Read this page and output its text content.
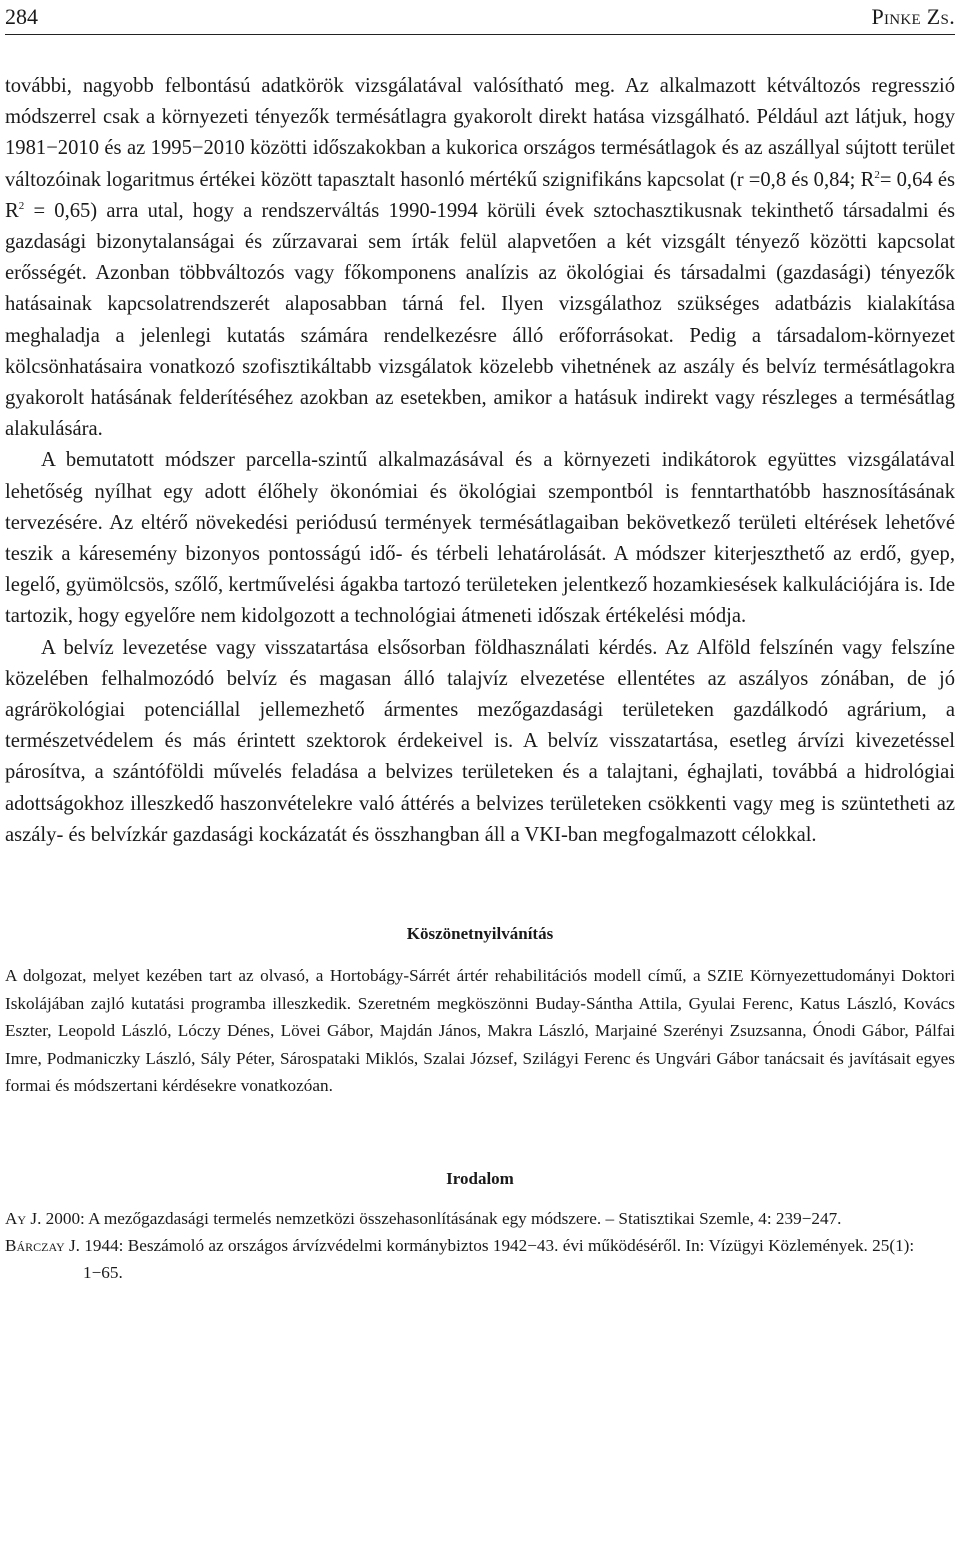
284	Pinke Zs.

további, nagyobb felbontású adatkörök vizsgálatával valósítható meg. Az alkalmazott kétváltozós regresszió módszerrel csak a környezeti tényezők termésátlagra gyakorolt direkt hatása vizsgálható. Például azt látjuk, hogy 1981−2010 és az 1995−2010 közötti időszakokban a kukorica országos termésátlagok és az aszállyal sújtott terület változóinak logaritmus értékei között tapasztalt hasonló mértékű szignifikáns kapcsolat (r =0,8 és 0,84; $R^2= 0,64$ és $R^2 = 0,65$) arra utal, hogy a rendszerváltás 1990-1994 körüli évek sztochasztikusnak tekinthető társadalmi és gazdasági bizonytalanságai és zűrzavarai sem írták felül alapvetően a két vizsgált tényező közötti kapcsolat erősségét. Azonban többváltozós vagy főkomponens analízis az ökológiai és társadalmi (gazdasági) tényezők hatásainak kapcsolatrendszerét alaposabban tárná fel. Ilyen vizsgálathoz szükséges adatbázis kialakítása meghaladja a jelenlegi kutatás számára rendelkezésre álló erőforrásokat. Pedig a társadalom-környezet kölcsönhatásaira vonatkozó szofisztikáltabb vizsgálatok közelebb vihetnének az aszály és belvíz termésátlagokra gyakorolt hatásának felderítéséhez azokban az esetekben, amikor a hatásuk indirekt vagy részleges a termésátlag alakulására.

A bemutatott módszer parcella-szintű alkalmazásával és a környezeti indikátorok együttes vizsgálatával lehetőség nyílhat egy adott élőhely ökonómiai és ökológiai szempontból is fenntarthatóbb hasznosításának tervezésére. Az eltérő növekedési periódusú termények termésátlagaiban bekövetkező területi eltérések lehetővé teszik a káresemény bizonyos pontosságú idő- és térbeli lehatárolását. A módszer kiterjeszthető az erdő, gyep, legelő, gyümölcsös, szőlő, kertművelési ágakba tartozó területeken jelentkező hozamkiesések kalkulációjára is. Ide tartozik, hogy egyelőre nem kidolgozott a technológiai átmeneti időszak értékelési módja.

A belvíz levezetése vagy visszatartása elsősorban földhasználati kérdés. Az Alföld felszínén vagy felszíne közelében felhalmozódó belvíz és magasan álló talajvíz elvezetése ellentétes az aszályos zónában, de jó agrárökológiai potenciállal jellemezhető ármentes mezőgazdasági területeken gazdálkodó agrárium, a természetvédelem és más érintett szektorok érdekeivel is. A belvíz visszatartása, esetleg árvízi kivezetéssel párosítva, a szántóföldi művelés feladása a belvizes területeken és a talajtani, éghajlati, továbbá a hidrológiai adottságokhoz illeszkedő haszonvételekre való áttérés a belvizes területeken csökkenti vagy meg is szüntetheti az aszály- és belvízkár gazdasági kockázatát és összhangban áll a VKI-ban megfogalmazott célokkal.

Köszönetnyilvánítás
A dolgozat, melyet kezében tart az olvasó, a Hortobágy-Sárrét ártér rehabilitációs modell című, a SZIE Környezettudományi Doktori Iskolájában zajló kutatási programba illeszkedik. Szeretném megköszönni Buday-Sántha Attila, Gyulai Ferenc, Katus László, Kovács Eszter, Leopold László, Lóczy Dénes, Lövei Gábor, Majdán János, Makra László, Marjainé Szerényi Zsuzsanna, Ónodi Gábor, Pálfai Imre, Podmaniczky László, Sály Péter, Sárospataki Miklós, Szalai József, Szilágyi Ferenc és Ungvári Gábor tanácsait és javításait egyes formai és módszertani kérdésekre vonatkozóan.
Irodalom

Ay J. 2000: A mezőgazdasági termelés nemzetközi összehasonlításának egy módszere. – Statisztikai Szemle, 4: 239−247.

Bárczay J. 1944: Beszámoló az országos árvízvédelmi kormánybiztos 1942−43. évi működéséről. In: Vízügyi Közlemények. 25(1): 1−65.
